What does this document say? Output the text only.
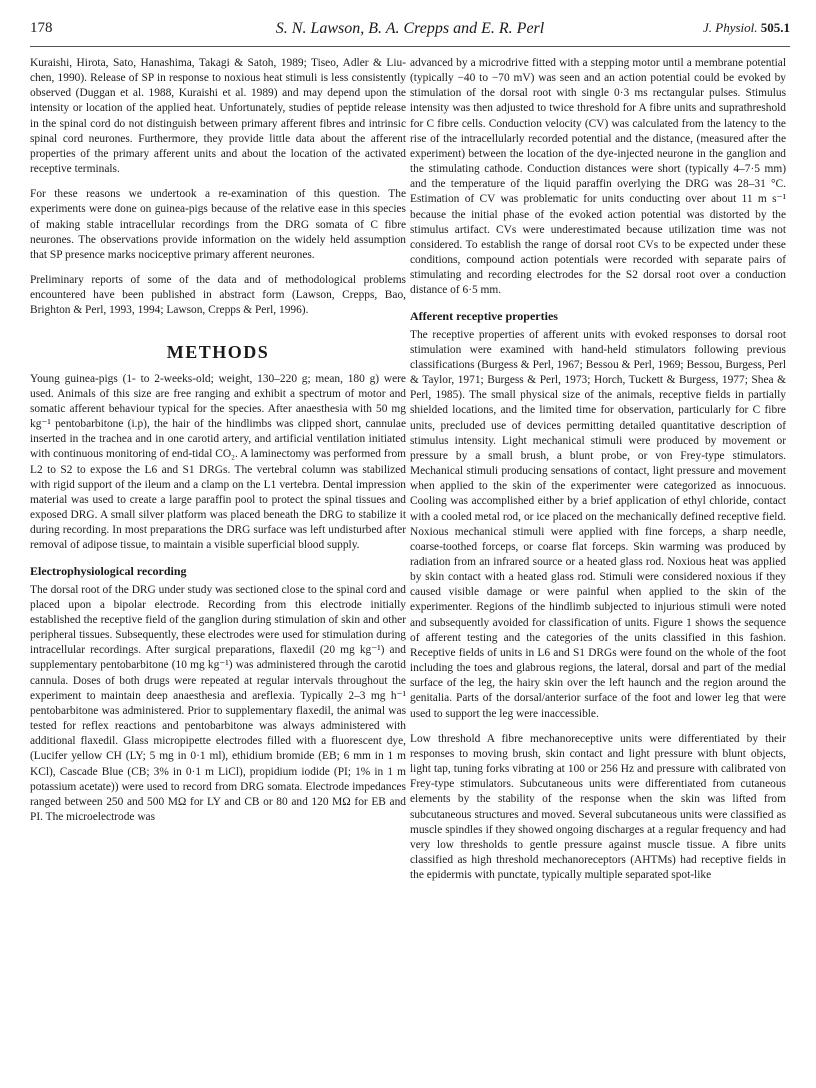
178	S. N. Lawson, B. A. Crepps and E. R. Perl	J. Physiol. 505.1

Kuraishi, Hirota, Sato, Hanashima, Takagi & Satoh, 1989; Tiseo, Adler & Liu-chen, 1990). Release of SP in response to noxious heat stimuli is less consistently observed (Duggan et al. 1988, Kuraishi et al. 1989) and may depend upon the intensity or location of the applied heat. Unfortunately, studies of peptide release in the spinal cord do not distinguish between primary afferent fibres and intrinsic spinal cord neurones. Furthermore, they provide little data about the afferent properties of the primary afferent units and about the location of the activated receptive terminals.

For these reasons we undertook a re-examination of this question. The experiments were done on guinea-pigs because of the relative ease in this species of making stable intracellular recordings from the DRG somata of C fibre neurones. The observations provide information on the widely held assumption that SP presence marks nociceptive primary afferent neurones.

Preliminary reports of some of the data and of methodological problems encountered have been published in abstract form (Lawson, Crepps, Bao, Brighton & Perl, 1993, 1994; Lawson, Crepps & Perl, 1996).

METHODS

Young guinea-pigs (1- to 2-weeks-old; weight, 130–220 g; mean, 180 g) were used. Animals of this size are free ranging and exhibit a spectrum of motor and somatic afferent behaviour typical for the species. After anaesthesia with 50 mg kg⁻¹ pentobarbitone (i.p), the hair of the hindlimbs was clipped short, cannulae inserted in the trachea and in one carotid artery, and artificial ventilation initiated with continuous monitoring of end-tidal CO₂. A laminectomy was performed from L2 to S2 to expose the L6 and S1 DRGs. The vertebral column was stabilized with rigid support of the ileum and a clamp on the L1 vertebra. Dental impression material was used to create a large paraffin pool to protect the spinal tissues and exposed DRG. A small silver platform was placed beneath the DRG to stabilize it during recording. In most preparations the DRG surface was left undisturbed after removal of adipose tissue, to maintain a visible superficial blood supply.

Electrophysiological recording

The dorsal root of the DRG under study was sectioned close to the spinal cord and placed upon a bipolar electrode. Recording from this electrode initially established the receptive field of the ganglion during stimulation of skin and other peripheral tissues. Subsequently, these electrodes were used for stimulation during intracellular recordings. After surgical preparations, flaxedil (20 mg kg⁻¹) and supplementary pentobarbitone (10 mg kg⁻¹) was administered through the carotid cannula. Doses of both drugs were repeated at regular intervals throughout the experiment to maintain deep anaesthesia and areflexia. Typically 2–3 mg h⁻¹ pentobarbitone was administered. Prior to supplementary flaxedil, the animal was tested for reflex reactions and pentobarbitone was always administered with additional flaxedil. Glass micropipette electrodes filled with a fluorescent dye, (Lucifer yellow CH (LY; 5 mg in 0·1 ml), ethidium bromide (EB; 6 mm in 1 m KCl), Cascade Blue (CB; 3% in 0·1 m LiCl), propidium iodide (PI; 1% in 1 m potassium acetate)) were used to record from DRG somata. Electrode impedances ranged between 250 and 500 MΩ for LY and CB or 80 and 120 MΩ for EB and PI. The microelectrode was

advanced by a microdrive fitted with a stepping motor until a membrane potential (typically −40 to −70 mV) was seen and an action potential could be evoked by stimulation of the dorsal root with single 0·3 ms rectangular pulses. Stimulus intensity was then adjusted to twice threshold for A fibre units and suprathreshold for C fibre cells. Conduction velocity (CV) was calculated from the latency to the rise of the intracellularly recorded potential and the distance, (measured after the experiment) between the location of the dye-injected neurone in the ganglion and the stimulating cathode. Conduction distances were short (typically 4–7·5 mm) and the temperature of the liquid paraffin overlying the DRG was 28–31 °C. Estimation of CV was problematic for units conducting over about 11 m s⁻¹ because the initial phase of the evoked action potential was distorted by the stimulus artifact. CVs were underestimated because utilization time was not considered. To establish the range of dorsal root CVs to be expected under these conditions, compound action potentials were recorded with separate pairs of stimulating and recording electrodes for the S2 dorsal root over a conduction distance of 6·5 mm.

Afferent receptive properties

The receptive properties of afferent units with evoked responses to dorsal root stimulation were examined with hand-held stimulators following previous classifications (Burgess & Perl, 1967; Bessou & Perl, 1969; Bessou, Burgess, Perl & Taylor, 1971; Burgess & Perl, 1973; Horch, Tuckett & Burgess, 1977; Shea & Perl, 1985). The small physical size of the animals, receptive fields in partially shielded locations, and the limited time for observation, particularly for C fibre units, precluded use of devices permitting detailed quantitative description of stimulus intensity. Light mechanical stimuli were produced by movement or pressure by a small brush, a blunt probe, or von Frey-type stimulators. Mechanical stimuli producing sensations of contact, light pressure and movement when applied to the skin of the experimenter were categorized as innocuous. Cooling was accomplished either by a brief application of ethyl chloride, contact with a cooled metal rod, or ice placed on the mechanically defined receptive field. Noxious mechanical stimuli were applied with fine forceps, a sharp needle, coarse-toothed forceps, or coarse flat forceps. Skin warming was produced by radiation from an infrared source or a heated glass rod. Noxious heat was applied by skin contact with a heated glass rod. Stimuli were considered noxious if they caused visible damage or were painful when applied to the skin of the experimenter. Regions of the hindlimb subjected to injurious stimuli were noted and subsequently avoided for classification of units. Figure 1 shows the sequence of afferent testing and the categories of the units classified in this fashion. Receptive fields of units in L6 and S1 DRGs were found on the whole of the foot including the toes and glabrous regions, the lateral, dorsal and part of the medial surface of the leg, the hairy skin over the left haunch and the region around the genitalia. Parts of the dorsal/anterior surface of the foot and lower leg that were used to support the leg were inaccessible.

Low threshold A fibre mechanoreceptive units were differentiated by their responses to moving brush, skin contact and light pressure with blunt objects, light tap, tuning forks vibrating at 100 or 256 Hz and pressure with calibrated von Frey-type stimulators. Subcutaneous units were differentiated from cutaneous elements by the stability of the response when the skin was lifted from subcutaneous structures and moved. Several subcutaneous units were classified as muscle spindles if they showed ongoing discharges at a regular frequency and had very low thresholds to gentle pressure against muscle tissue. A fibre units classified as high threshold mechanoreceptors (AHTMs) had receptive fields in the epidermis with punctate, typically multiple separated spot-like
